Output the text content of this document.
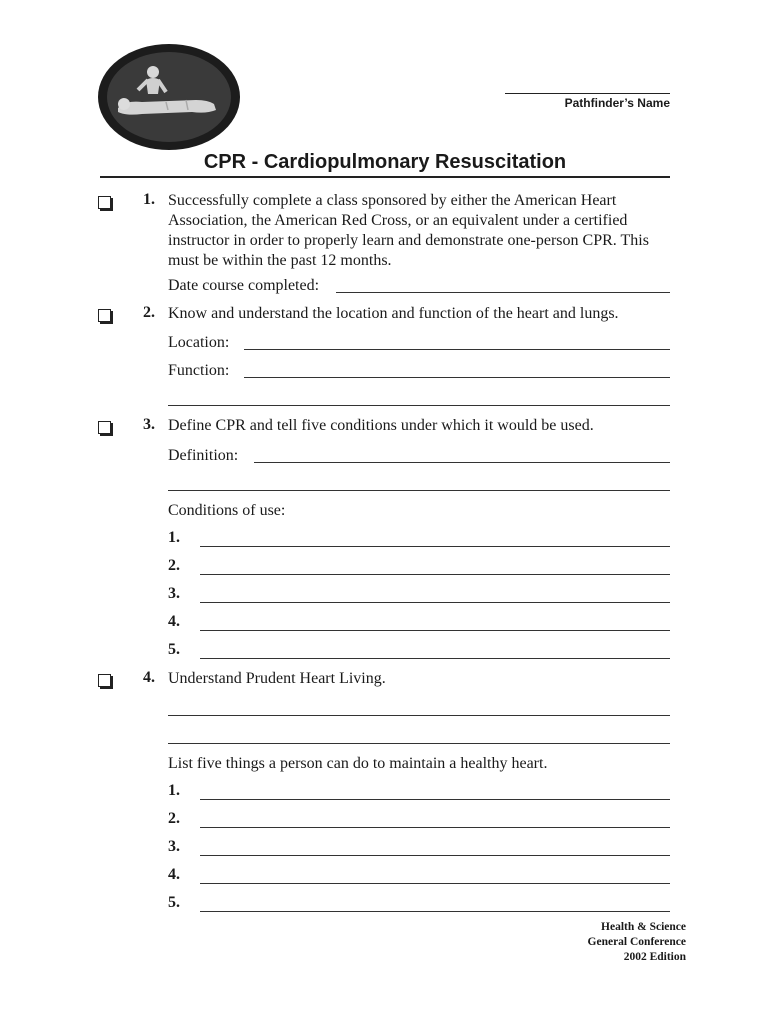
Pathfinder’s Name
CPR - Cardiopulmonary Resuscitation
1. Successfully complete a class sponsored by either the American Heart Association, the American Red Cross, or an equivalent under a certified instructor in order to properly learn and demonstrate one-person CPR. This must be within the past 12 months.
Date course completed:
2. Know and understand the location and function of the heart and lungs.
Location:
Function:
3. Define CPR and tell five conditions under which it would be used.
Definition:
Conditions of use:
1.
2.
3.
4.
5.
4. Understand Prudent Heart Living.
List five things a person can do to maintain a healthy heart.
1.
2.
3.
4.
5.
Health & Science
General Conference
2002 Edition
